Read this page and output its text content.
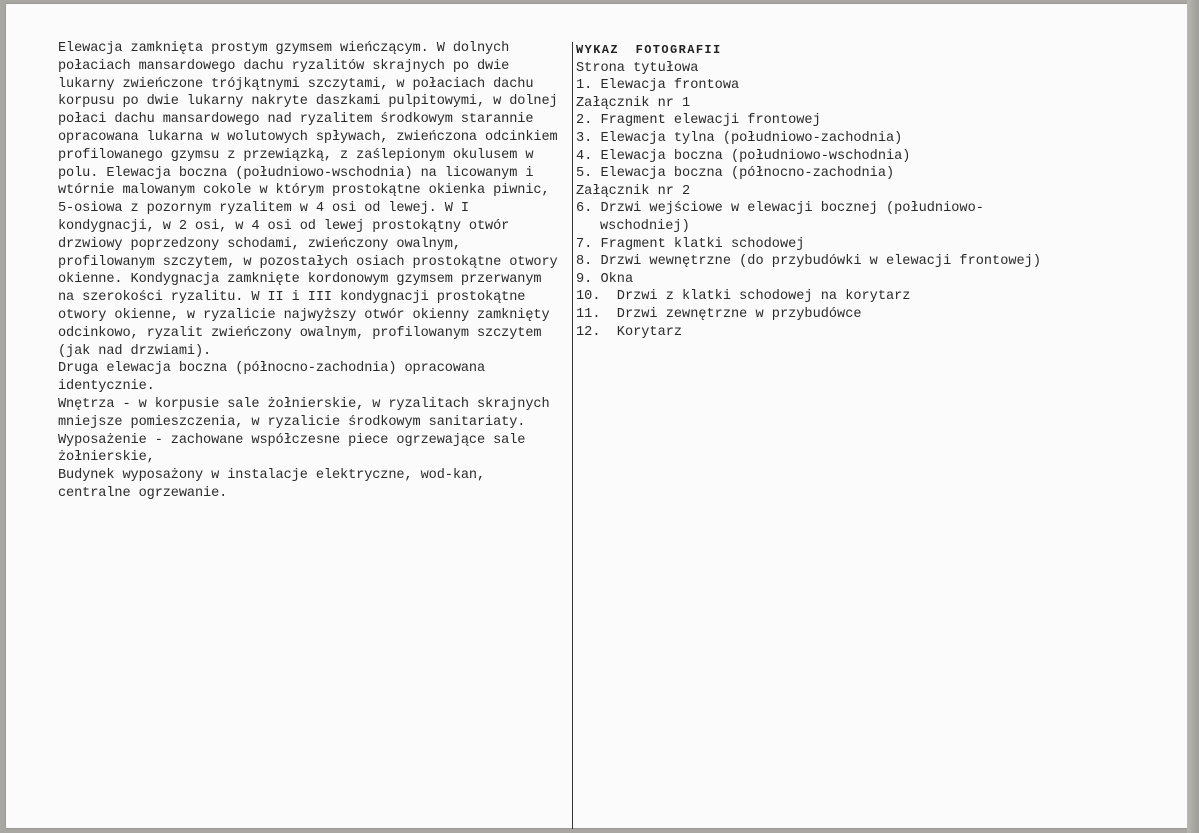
Elewacja zamknięta prostym gzymsem wieńczącym. W dolnych połaciach mansardowego dachu ryzalitów skrajnych po dwie lukarny zwieńczone trójkątnymi szczytami, w połaciach dachu korpusu po dwie lukarny nakryte daszkami pulpitowymi, w dolnej połaci dachu mansardowego nad ryzalitem środkowym starannie opracowana lukarna w wolutowych spływach, zwieńczona odcinkiem profilowanego gzymsu z przewiązką, z zaślepionym okulusem w polu. Elewacja boczna (południowo-wschodnia) na licowanym i wtórnie malowanym cokole w którym prostokątne okienka piwnic, 5-osiowa z pozornym ryzalitem w 4 osi od lewej. W I kondygnacji, w 2 osi, w 4 osi od lewej prostokątny otwór drzwiowy poprzedzony schodami, zwieńczony owalnym, profilowanym szczytem, w pozostałych osiach prostokątne otwory okienne. Kondygnacja zamknięte kordonowym gzymsem przerwanym na szerokości ryzalitu. W II i III kondygnacji prostokątne otwory okienne, w ryzalicie najwyższy otwór okienny zamknięty odcinkowo, ryzalit zwieńczony owalnym, profilowanym szczytem (jak nad drzwiami).

Druga elewacja boczna (północno-zachodnia) opracowana identycznie.

Wnętrza - w korpusie sale żołnierskie, w ryzalitach skrajnych mniejsze pomieszczenia, w ryzalicie środkowym sanitariaty.

Wyposażenie - zachowane współczesne piece ogrzewające sale żołnierskie,

Budynek wyposażony w instalacje elektryczne, wod-kan, centralne ogrzewanie.

WYKAZ FOTOGRAFII
Strona tytułowa
1. Elewacja frontowa
Załącznik nr 1
2. Fragment elewacji frontowej
3. Elewacja tylna (południowo-zachodnia)
4. Elewacja boczna (południowo-wschodnia)
5. Elewacja boczna (północno-zachodnia)
Załącznik nr 2
6. Drzwi wejściowe w elewacji bocznej (południowo-
wschodniej)
7. Fragment klatki schodowej
8. Drzwi wewnętrzne (do przybudówki w elewacji frontowej)
9. Okna
10.  Drzwi z klatki schodowej na korytarz
11.  Drzwi zewnętrzne w przybudówce
12.  Korytarz
